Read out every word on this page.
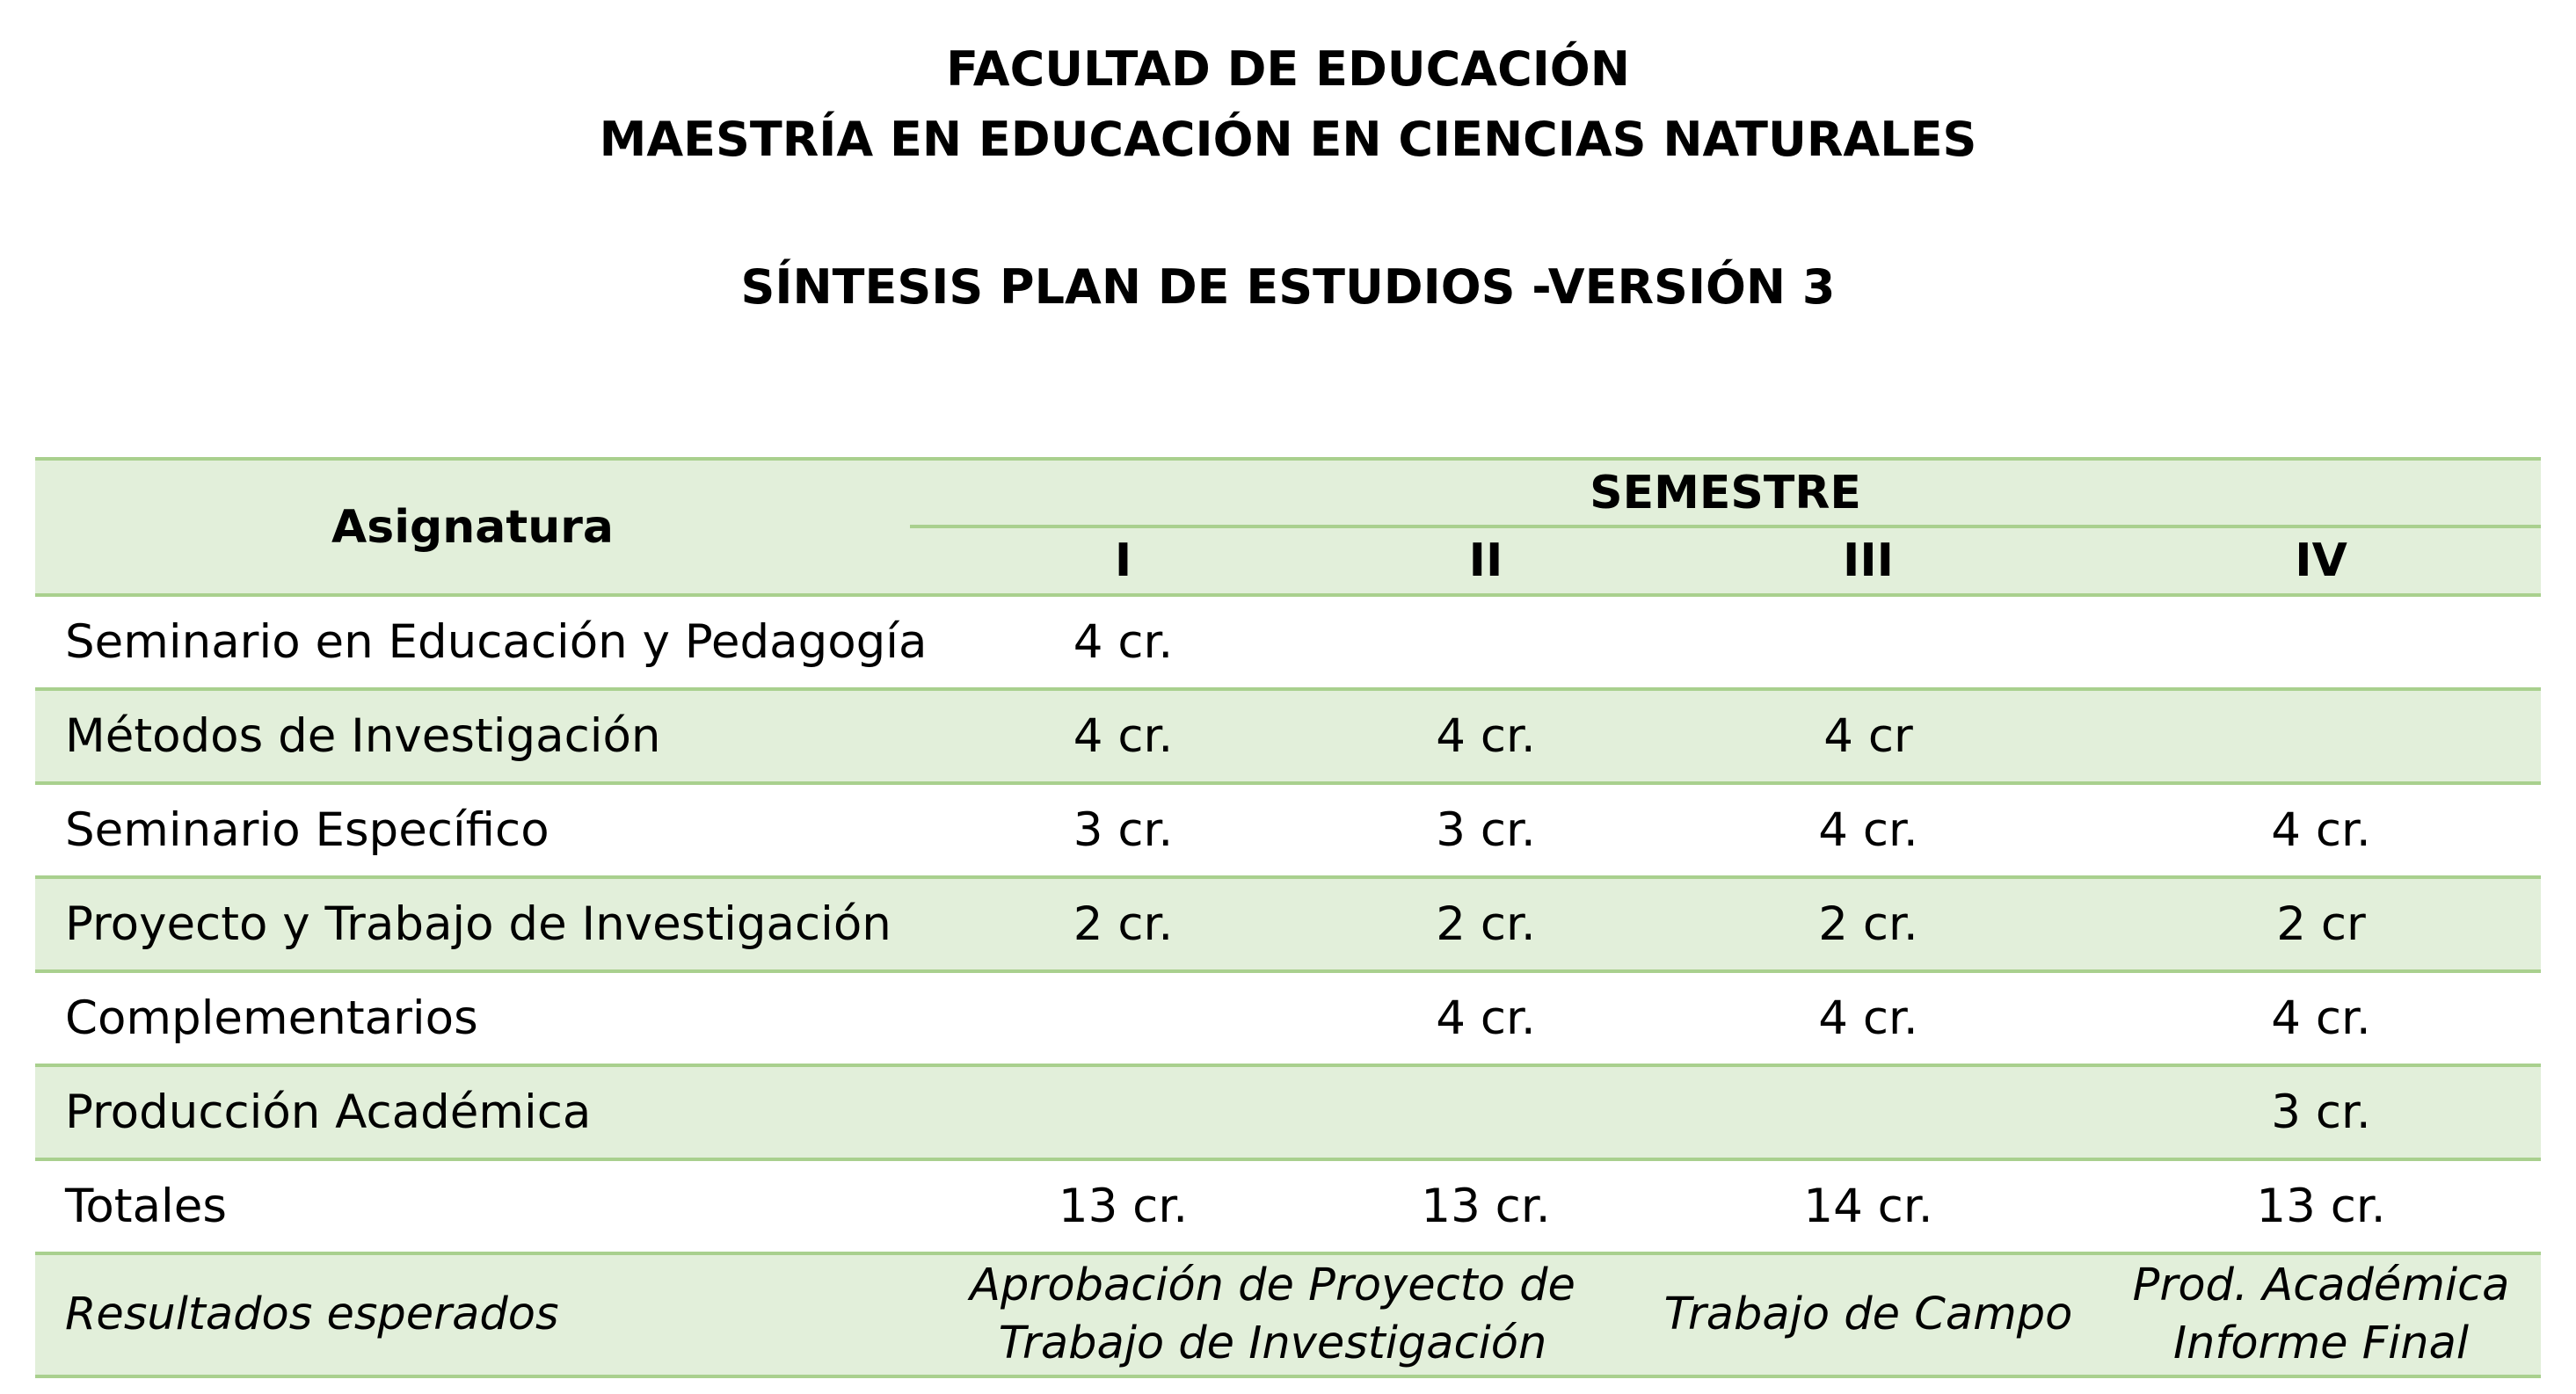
FACULTAD DE EDUCACIÓN
MAESTRÍA EN EDUCACIÓN EN CIENCIAS NATURALES
SÍNTESIS PLAN DE ESTUDIOS -VERSIÓN 3
Asignatura	SEMESTRE			
	I	II	III	IV
Seminario en Educación y Pedagogía	4 cr.			
Métodos de Investigación	4 cr.	4 cr.	4 cr	
Seminario Específico	3 cr.	3 cr.	4 cr.	4 cr.
Proyecto y Trabajo de Investigación	2 cr.	2 cr.	2 cr.	2 cr
Complementarios		4 cr.	4 cr.	4 cr.
Producción Académica				3 cr.
Totales	13 cr.	13 cr.	14 cr.	13 cr.
Resultados esperados	Aprobación de Proyecto de Trabajo de Investigación		Trabajo de Campo	Prod. Académica Informe Final
